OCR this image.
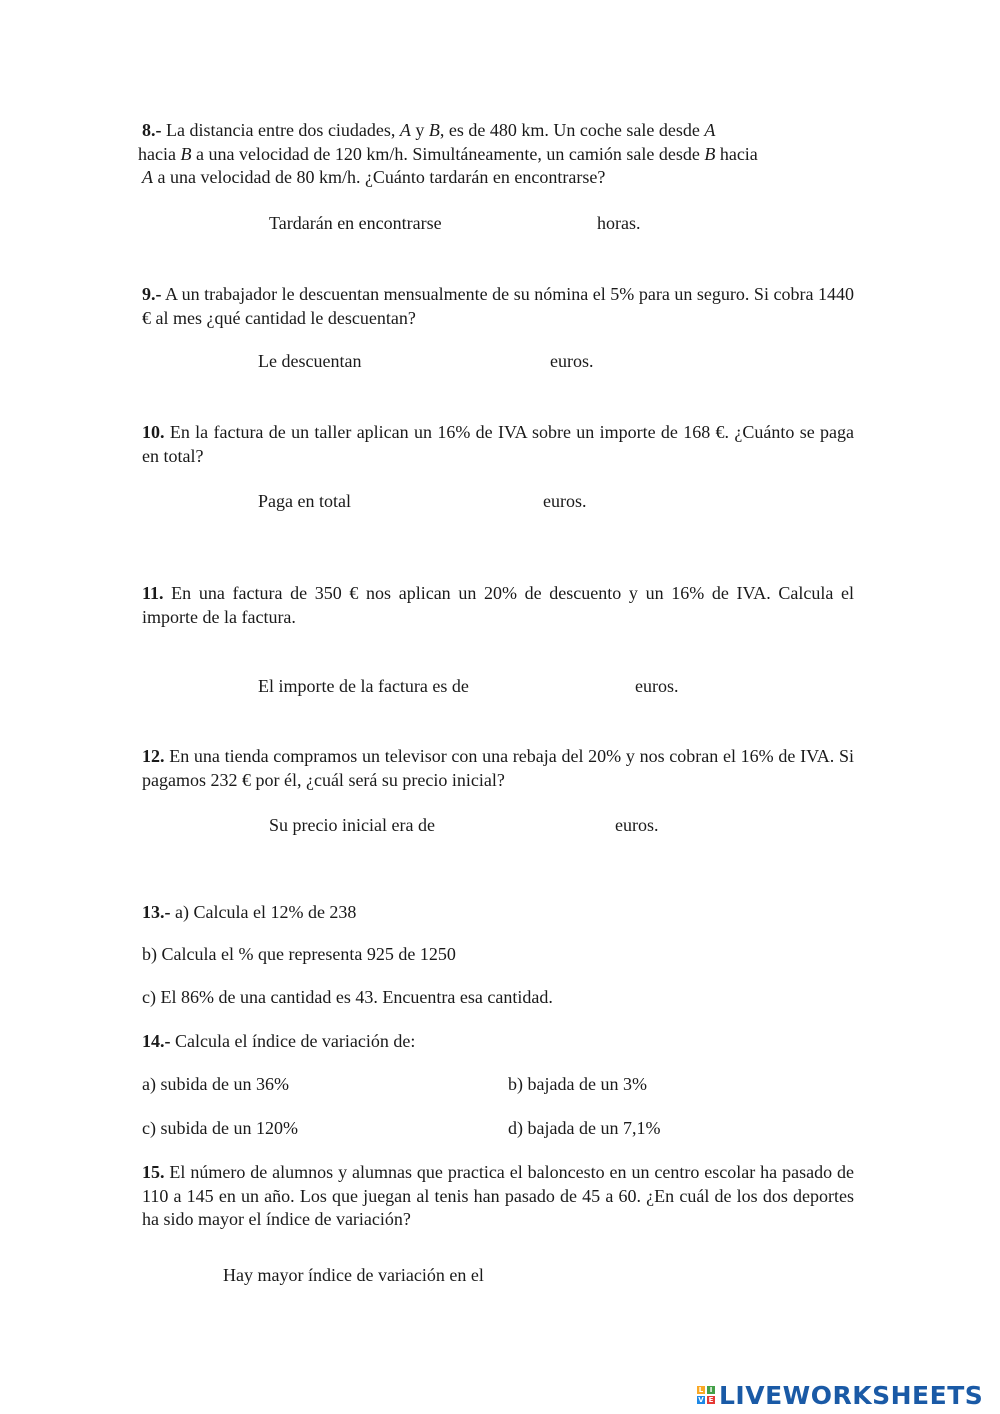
8.- La distancia entre dos ciudades, A y B, es de 480 km. Un coche sale desde A
hacia B a una velocidad de 120 km/h. Simultáneamente, un camión sale desde B hacia
A a una velocidad de 80 km/h. ¿Cuánto tardarán en encontrarse?

Tardarán en encontrarse	horas.

9.- A un trabajador le descuentan mensualmente de su nómina el 5% para un seguro. Si cobra 1440 € al mes ¿qué cantidad le descuentan?

Le descuentan	euros.

10. En la factura de un taller aplican un 16% de IVA sobre un importe de 168 €. ¿Cuánto se paga en total?

Paga en total	euros.

11. En una factura de 350 € nos aplican un 20% de descuento y un 16% de IVA. Calcula el importe de la factura.

El importe de la factura es de	euros.

12. En una tienda compramos un televisor con una rebaja del 20% y nos cobran el 16% de IVA. Si pagamos 232 € por él, ¿cuál será su precio inicial?

Su precio inicial era de	euros.
13.- a) Calcula el 12% de 238
b) Calcula el % que representa 925 de 1250
c) El 86% de una cantidad es 43. Encuentra esa cantidad.
14.- Calcula el índice de variación de:
a) subida de un 36%	b) bajada de un 3%
c) subida de un 120%	d) bajada de un 7,1%

15. El número de alumnos y alumnas que practica el baloncesto en un centro escolar ha pasado de 110 a 145 en un año. Los que juegan al tenis han pasado de 45 a 60. ¿En cuál de los dos deportes ha sido mayor el índice de variación?

Hay mayor índice de variación en el
L I
V E LIVEWORKSHEETS
